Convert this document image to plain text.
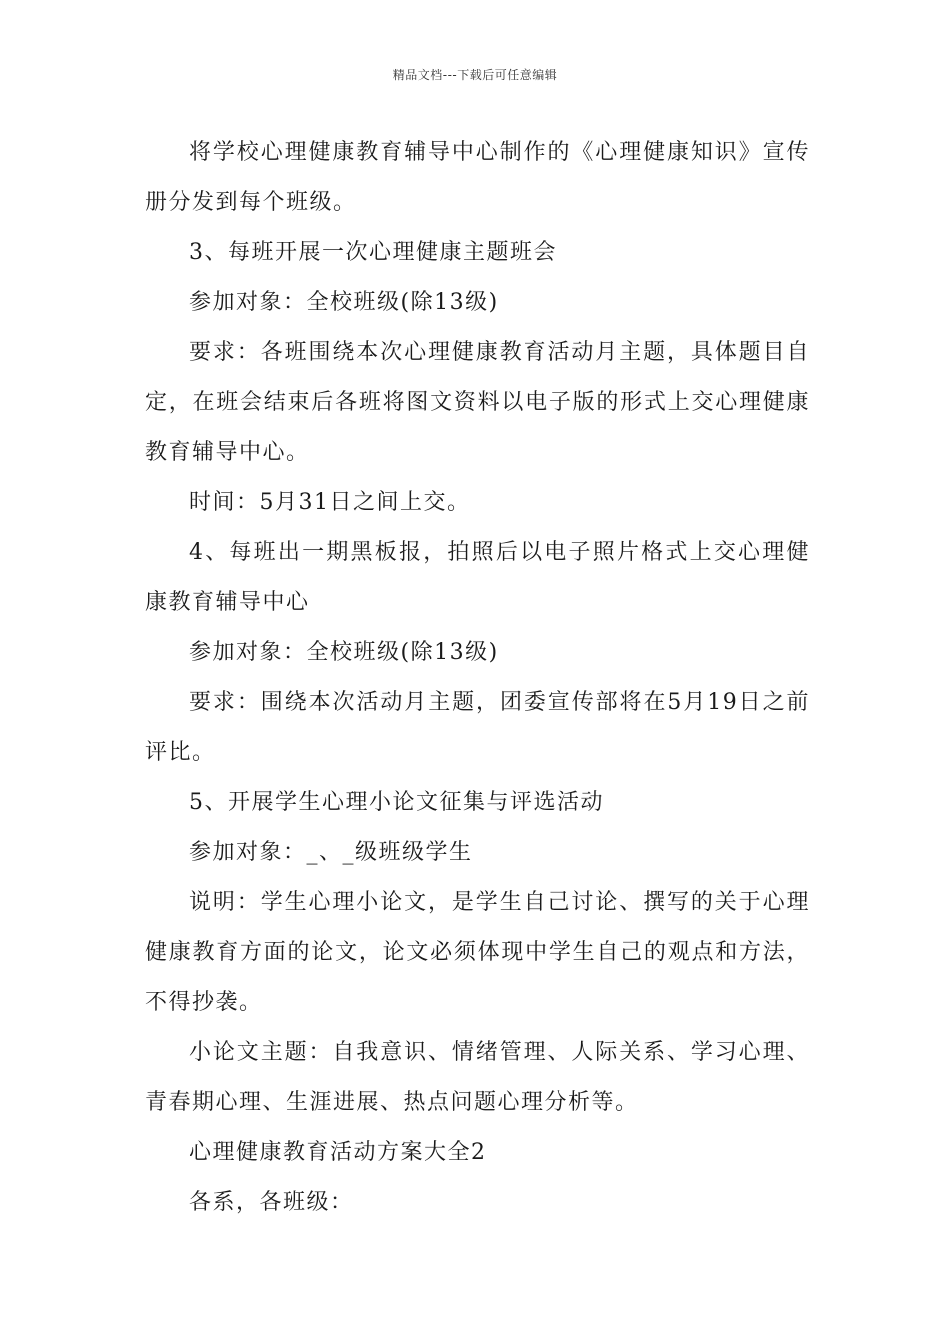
精品文档---下载后可任意编辑

将学校心理健康教育辅导中心制作的《心理健康知识》宣传册分发到每个班级。

3、每班开展一次心理健康主题班会

参加对象：全校班级(除13级)

要求：各班围绕本次心理健康教育活动月主题，具体题目自定，在班会结束后各班将图文资料以电子版的形式上交心理健康教育辅导中心。

时间：5月31日之间上交。

4、每班出一期黑板报，拍照后以电子照片格式上交心理健康教育辅导中心

参加对象：全校班级(除13级)

要求：围绕本次活动月主题，团委宣传部将在5月19日之前评比。

5、开展学生心理小论文征集与评选活动

参加对象：_、_级班级学生

说明：学生心理小论文，是学生自己讨论、撰写的关于心理健康教育方面的论文，论文必须体现中学生自己的观点和方法，不得抄袭。

小论文主题：自我意识、情绪管理、人际关系、学习心理、青春期心理、生涯进展、热点问题心理分析等。

心理健康教育活动方案大全2

各系，各班级：
